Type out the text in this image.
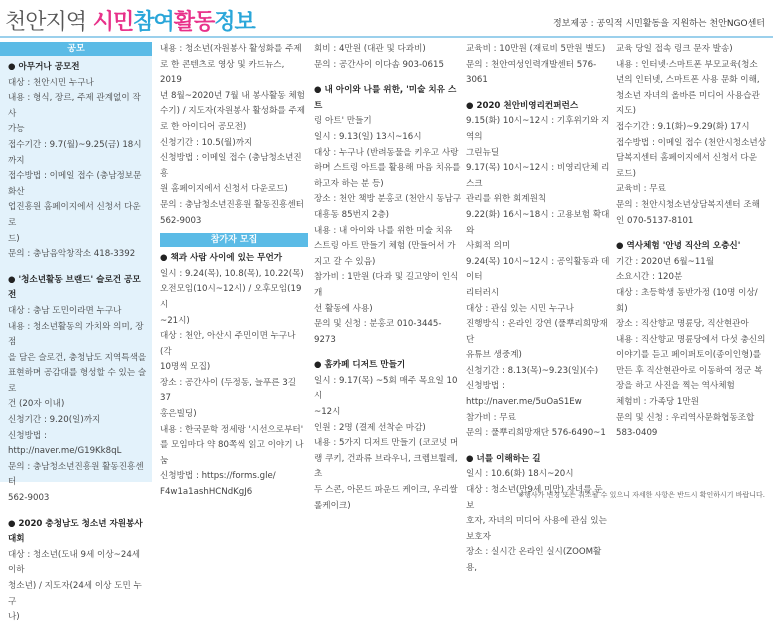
천안지역 시민참여활동정보	정보제공 : 공익적 시민활동을 지원하는 천안NGO센터
공모

● 아무거나 공모전

대상 : 천안시민 누구나

내용 : 형식, 장르, 주제 관계없이 작사

가능

접수기간 : 9.7(월)~9.25(금) 18시까지

접수방법 : 이메일 접수 (충남정보문화산

업진흥원 홈페이지에서 신청서 다운로

드)

문의 : 충남음악창작소 418-3392

● '청소년활동 브랜드' 슬로건 공모전

대상 : 충남 도민이라면 누구나

내용 : 청소년활동의 가치와 의미, 장점

을 담은 슬로건, 충청남도 지역특색을

표현하며 공감대를 형성할 수 있는 슬로

건 (20자 이내)

신청기간 : 9.20(일)까지

신청방법 : http://naver.me/G19Kk8qL

문의 : 충남청소년진흥원 활동진흥센터

562-9003

● 2020 충청남도 청소년 자원봉사대회

대상 : 청소년(도내 9세 이상~24세 이하

청소년) / 지도자(24세 이상 도민 누구

나)

내용 : 청소년(자원봉사 활성화를 주제

로 한 콘텐츠로 영상 및 카드뉴스, 2019

년 8월~2020년 7월 내 봉사활동 체험

수기) / 지도자(자원봉사 활성화를 주제

로 한 아이디어 공모전)

신청기간 : 10.5(월)까지

신청방법 : 이메일 접수 (충남청소년진흥

원 홈페이지에서 신청서 다운로드)

문의 : 충남청소년진흥원 활동진흥센터

562-9003

참가자 모집

● 책과 사람 사이에 있는 무언가

일시 : 9.24(목), 10.8(목), 10.22(목)

오전모임(10시~12시) / 오후모임(19시

~21시)

대상 : 천안, 아산시 주민이면 누구나 (각

10명씩 모집)

장소 : 공간사이 (두정동, 늘푸른 3길 37

홍은빌딩)

내용 : 한국문학 정세랑 '시선으로부터'

를 모임마다 약 80쪽씩 읽고 이야기 나

눔

신청방법 : https://forms.gle/

F4w1a1ashHCNdKgJ6

회비 : 4만원 (대관 및 다과비)

문의 : 공간사이 이다솜 903-0615

● 내 아이와 나를 위한, '미술 치유 스트

링 아트' 만들기

일시 : 9.13(일) 13시~16시

대상 : 누구나 (반려동물을 키우고 사랑

하며 스트링 아트를 활용해 마음 치유를

하고자 하는 분 등)

장소 : 천안 책방 분홍코 (천안시 동남구

대흥동 85번지 2층)

내용 : 내 아이와 나를 위한 미술 치유

스트링 아트 만들기 체험 (만들어서 가

지고 갈 수 있음)

참가비 : 1만원 (다과 및 길고양이 인식개

선 활동에 사용)

문의 및 신청 : 분홍코 010-3445-9273

● 홈카페 디저트 만들기

일시 : 9.17(목) ~5회 매주 목요일 10시

~12시

인원 : 2명 (결제 선착순 마감)

내용 : 5가지 디저트 만들기 (코코넛 머

랭 쿠키, 건과류 브라우니, 크렘브륄레, 초

두 스콘, 아몬드 파운드 케이크, 우리쌀

롤케이크)

교육비 : 10만원 (재료비 5만원 별도)

문의 : 천안여성인력개발센터 576-3061

● 2020 천안비영리컨퍼런스

9.15(화) 10시~12시 : 기후위기와 지역의

그린뉴딜

9.17(목) 10시~12시 : 비영리단체 리스크

관리를 위한 회계원칙

9.22(화) 16시~18시 : 고용보험 확대와

사회적 의미

9.24(목) 10시~12시 : 공익활동과 데이터

리터러시

대상 : 관심 있는 시민 누구나

진행방식 : 온라인 강연 (풀뿌리희망재단

유튜브 생중계)

신청기간 : 8.13(목)~9.23(일)(수)

신청방법 : http://naver.me/5uOaS1Ew

참가비 : 무료

문의 : 풀뿌리희망재단 576-6490~1

● 너를 이해하는 길

일시 : 10.6(화) 18시~20시

대상 : 청소년(만9세 미만) 자녀를 둔 보

호자, 자녀의 미디어 사용에 관심 있는

보호자

장소 : 실시간 온라인 실시(ZOOM활용,

교육 당일 접속 링크 문자 발송)

내용 : 인터넷·스마트폰 부모교육(청소

년의 인터넷, 스마트폰 사용 문화 이해,

청소년 자녀의 올바른 미디어 사용습관

지도)

접수기간 : 9.1(화)~9.29(화) 17시

접수방법 : 이메일 접수 (천안시청소년상

담복지센터 홈페이지에서 신청서 다운

로드)

교육비 : 무료

문의 : 천안시청소년상담복지센터 조해

인 070-5137-8101

● 역사체험 '안녕 직산의 오층신'

기간 : 2020년 6월~11월

소요시간 : 120분

대상 : 초등학생 동반가정 (10명 이상/회)

장소 : 직산향교 명륜당, 직산현관아

내용 : 직산향교 명륜당에서 다섯 충신의

이야기를 듣고 페이퍼토이(종이인형)를

만든 후 직산현관아로 이동하여 정군 복

장을 하고 사진을 찍는 역사체험

체험비 : 가족당 1만원

문의 및 신청 : 우리역사문화협동조합

583-0409

※행사가 변경 또는 취소될 수 있으니 자세한 사항은 반드시 확인하시기 바랍니다.
